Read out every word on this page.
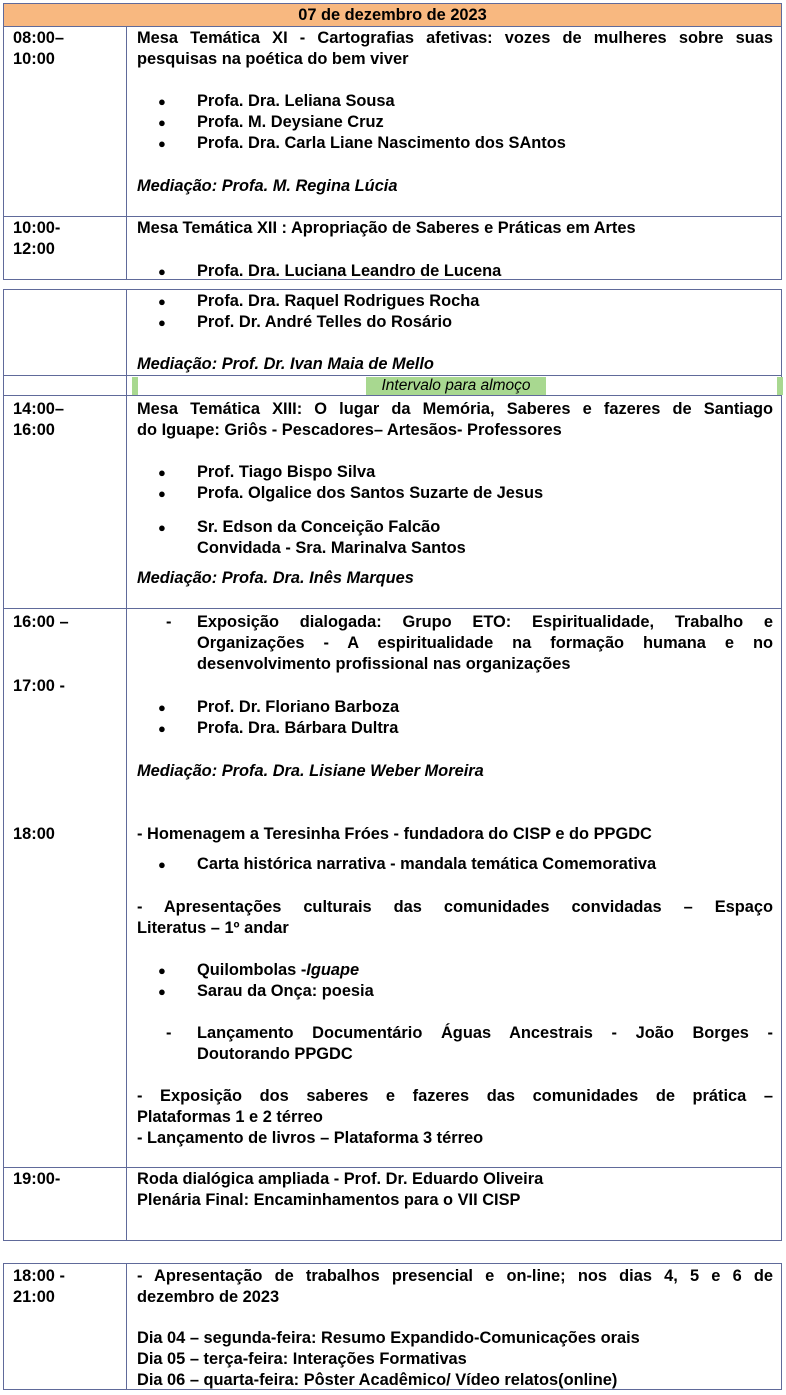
07 de dezembro de 2023
08:00–
10:00
Mesa Temática XI - Cartografias afetivas: vozes de mulheres sobre suas
pesquisas na poética do bem viver
● Profa. Dra. Leliana Sousa
● Profa. M. Deysiane Cruz
● Profa. Dra. Carla Liane Nascimento dos SAntos
Mediação: Profa. M. Regina Lúcia
10:00-
12:00
Mesa Temática XII : Apropriação de Saberes e Práticas em Artes
● Profa. Dra. Luciana Leandro de Lucena
● Profa. Dra. Raquel Rodrigues Rocha
● Prof. Dr. André Telles do Rosário
Mediação: Prof. Dr. Ivan Maia de Mello
Intervalo para almoço
14:00–
16:00
Mesa Temática XIII: O lugar da Memória, Saberes e fazeres de Santiago
do Iguape: Griôs - Pescadores– Artesãos- Professores
● Prof. Tiago Bispo Silva
● Profa. Olgalice dos Santos Suzarte de Jesus
● Sr. Edson da Conceição Falcão
Convidada - Sra. Marinalva Santos
Mediação: Profa. Dra. Inês Marques
16:00 –
17:00 -
18:00
- Exposição dialogada: Grupo ETO: Espiritualidade, Trabalho e
Organizações - A espiritualidade na formação humana e no
desenvolvimento profissional nas organizações
● Prof. Dr. Floriano Barboza
● Profa. Dra. Bárbara Dultra
Mediação: Profa. Dra. Lisiane Weber Moreira
- Homenagem a Teresinha Fróes - fundadora do CISP e do PPGDC
● Carta histórica narrativa - mandala temática Comemorativa
- Apresentações culturais das comunidades convidadas – Espaço
Literatus – 1º andar
● Quilombolas -Iguape
● Sarau da Onça: poesia
- Lançamento Documentário Águas Ancestrais - João Borges -
Doutorando PPGDC
- Exposição dos saberes e fazeres das comunidades de prática –
Plataformas 1 e 2 térreo
- Lançamento de livros – Plataforma 3 térreo
19:00-	Roda dialógica ampliada - Prof. Dr. Eduardo Oliveira
Plenária Final: Encaminhamentos para o VII CISP
18:00 -
21:00
- Apresentação de trabalhos presencial e on-line; nos dias 4, 5 e 6 de
dezembro de 2023
Dia 04 – segunda-feira: Resumo Expandido-Comunicações orais
Dia 05 – terça-feira: Interações Formativas
Dia 06 – quarta-feira: Pôster Acadêmico/ Vídeo relatos(online)
